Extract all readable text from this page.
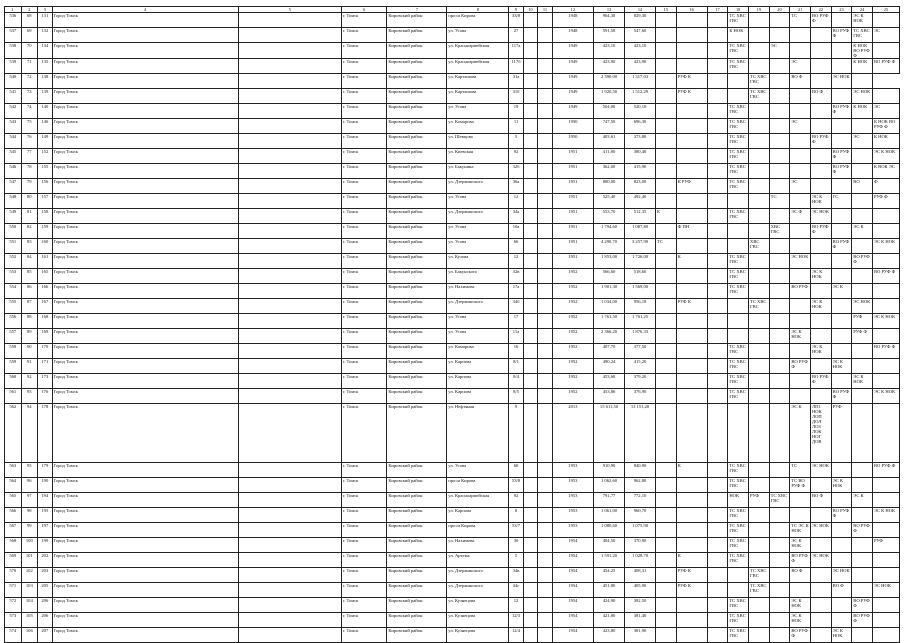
1	2	3	4	5	6	7	8	9	10	11	12	13	14	15	16	17	18	19	20	21	22	23	24	25
536	68	131	Город Томск		г. Томск	Кировский район	проси Кирова	33/8			1948	904,30	829,30				ТС ХВС ГВС			ТС	ВО РУФ Ф		ЭС К НОК	
537	69	132	Город Томск		г. Томск	Кировский район	ул. Усова	27			1948	591,58	547,60				К НОК					ВО РУФ Ф	ТС ХВС ГВС	ЭС
538	70	134	Город Томск		г. Томск	Кировский район	ул. Красноармейская	117а			1949	423,10	423,10				ТС ХВС ГВС		ЭС				К НОК ВО РУФ Ф	
539	71	135	Город Томск		г. Томск	Кировский район	ул. Красноармейская	117б			1949	423,90	423,90				ТС ХВС ГВС			ЭС			К НОК	ВО РУФ Ф
540	72	138	Город Томск		г. Томск	Кировский район	ул. Карташова	31а			1949	2 390,00	1 317,03		РУФ К			ТС ХВС ГВС		ВО Ф		ЭС НОК		
541	73	139	Город Томск		г. Томск	Кировский район	ул. Карташова	31б			1949	1 920,50	1 512,29		РУФ К			ТС ХВС ГВС			ВО Ф		ЭС НОК	
542	74	140	Город Томск		г. Томск	Кировский район	ул. Усова	19			1949	504,00	520,10				ТС ХВС ГВС					ВО РУФ Ф	К НОК	ЭС
543	75	146	Город Томск		г. Томск	Кировский район	ул. Комарова	11			1950	747,50	696,30				ТС ХВС ГВС			ЭС				К НОК ВО РУФ Ф
544	76	149	Город Томск		г. Томск	Кировский район	ул. Шевцова	5			1950	403,61	373,80				ТС ХВС ГВС				ВО РУФ Ф		ЭС	К НОК
545	77	152	Город Томск		г. Томск	Кировский район	ул. Киевская	92			1951	411,80	380,40				ТС ХВС ГВС					ВО РУФ Ф		ЭС К НОК
546	78	155	Город Томск		г. Томск	Кировский район	ул. Бакунина	32б			1951	362,00	415,90				ТС ХВС ГВС					ВО РУФ Ф		К ВОК ЭС
547	79	156	Город Томск		г. Томск	Кировский район	ул. Дзержинского	36а			1951	880,00	823,00		К РУФ		ТС ХВС ГВС			ЭС			ВО	Ф
548	80	157	Город Томск		г. Томск	Кировский район	ул. Усова	12			1951	525,40	492,40						ТС		ЭС К НОК	ГС		РУФ Ф
549	81	158	Город Томск		г. Томск	Кировский район	ул. Дзержинского	34а			1951	553,70	512,35	К			ТС ХВС ГВС			ЭС Ф	ЭС НОК			
550	82	159	Город Томск		г. Томск	Кировский район	ул. Усова	10а			1951	1 794,60	1 087,80		Ф ПН				ХВС ГВС		ВО РУФ Ф		ЭС К	
551	83	160	Город Томск		г. Томск	Кировский район	ул. Усова	66			1951	4 290,70	3 257,90	ТС				ХВС ГВС				ВО РУФ Ф		ЭС К НОК
552	84	161	Город Томск		г. Томск	Кировский район	ул. Кузова	12			1951	1 853,00	1 726,00		К		ТС ХВС ГВС			ЭС НОК			ВО РУФ Ф	
553	85	165	Город Томск		г. Томск	Кировский район	ул. Бакунского	32в			1952	566,60	518,60				ТС ХВС ГВС				ЭС К НОК			ВО РУФ Ф
554	86	166	Город Томск		г. Томск	Кировский район	ул. Нахимова	17а			1952	1 901,30	1 569,00				ТС ХВС ГВС			ВО РУФ		ЭС К		
555	87	167	Город Томск		г. Томск	Кировский район	ул. Дзержинского	34б			1952	1 034,00	956,18		РУФ К			ТС ХВС ГВС			ЭС К НОК		ЭС НОК	
556	88	168	Город Томск		г. Томск	Кировский район	ул. Усова	17			1952	1 761,50	1 761,25										РУФ	ЭС К НОК
557	89	169	Город Томск		г. Томск	Кировский район	ул. Усова	11а			1952	2 366,20	1 876,33							ЭС К НОК			РУФ Ф	
558	90	170	Город Томск		г. Томск	Кировский район	ул. Комарова	16			1952	407,70	377,50				ТС ХВС ГВС				ЭС К НОК			ВО РУФ Ф
559	91	171	Город Томск		г. Томск	Кировский район	ул. Карпова	8/1			1952	490,24	415,20				ТС ХВС ГВС			ВО РУФ Ф		ЭС К НОК		
560	92	173	Город Томск		г. Томск	Кировский район	ул. Карпова	8/4			1952	453,68	379,20				ТС ХВС ГВС				ВО РУФ Ф		ЭС К НОК	
561	93	176	Город Томск		г. Томск	Кировский район	ул. Карпова	8/5			1952	453,86	376,90				ТС ХВС ГВС					ВО РУФ Ф		ЭС К НОК
562	94	178	Город Томск		г. Томск	Кировский район	ул. Нефтяная	9			2013	15 611,50	13 151,20							ЭС К	ЛП1 НОК ЛОП ДОЛ ЛОЗ ЛОК НОГ ДОВ	РУФ		
563	95	179	Город Томск		г. Томск	Кировский район	ул. Усова	60			1953	910,90	840,90		К		ТС ХВС ГВС			ТС	ЭС НОК			ВО РУФ Ф
564	96	190	Город Томск		г. Томск	Кировский район	проси Кирова	53/8			1953	1 062,60	962,80				ТС ХВС ГВС			ТС ВО РУФ Ф		ЭС К НОК		
565	97	194	Город Томск		г. Томск	Кировский район	ул. Красноармейская	92			1953	791,77	772,10				НОК	РУФ	ТС ХВС ГВС		ВО Ф		ЭС К	
566	98	195	Город Томск		г. Томск	Кировский район	ул. Карпова	8			1953	1 061,00	960,70				ТС ХВС ГВС					ВО РУФ Ф		ЭС К НОК
567	99	197	Город Томск		г. Томск	Кировский район	проси Кирова	53/7			1953	1 080,60	1 075,90				ТС ХВС ГВС			ТС ЭС К НОК	ЭС НОК		ВО РУФ Ф	
568	100	199	Город Томск		г. Томск	Кировский район	ул. Нахимова	3б			1954	404,50	370,90				ТС ХВС ГВС			ЭС К НОК				РУФ
569	101	202	Город Томск		г. Томск	Кировский район	ул. Артема	5			1954	1 591,20	1 028,70		К		ТС ХВС ГВС			ВО РУФ Ф	ЭС НОК			
570	102	203	Город Томск		г. Томск	Кировский район	ул. Дзержинского	34в			1954	454,25	408,31		РУФ К			ТС ХВС ГВС		ВО Ф		ЭС НОК		
571	103	205	Город Томск		г. Томск	Кировский район	ул. Дзержинского	34г			1954	451,80	405,90		РУФ К			ТС ХВС ГВС				ВО Ф		ЭС НОК
572	104	206	Город Томск		г. Томск	Кировский район	ул. Кузнецова	12			1954	424,90	382,50				ТС ХВС ГВС			ЭС К НОК			ВО РУФ Ф	
573	105	206	Город Томск		г. Томск	Кировский район	ул. Кузнецова	12/3			1954	421,80	381,40				ТС ХВС ГВС			ЭС К НОК			ВО РУФ Ф	
574	106	207	Город Томск		г. Томск	Кировский район	ул. Кузнецова	12/4			1954	423,80	381,90				ТС ХВС ГВС			ВО РУФ Ф		ЭС К НОК		
